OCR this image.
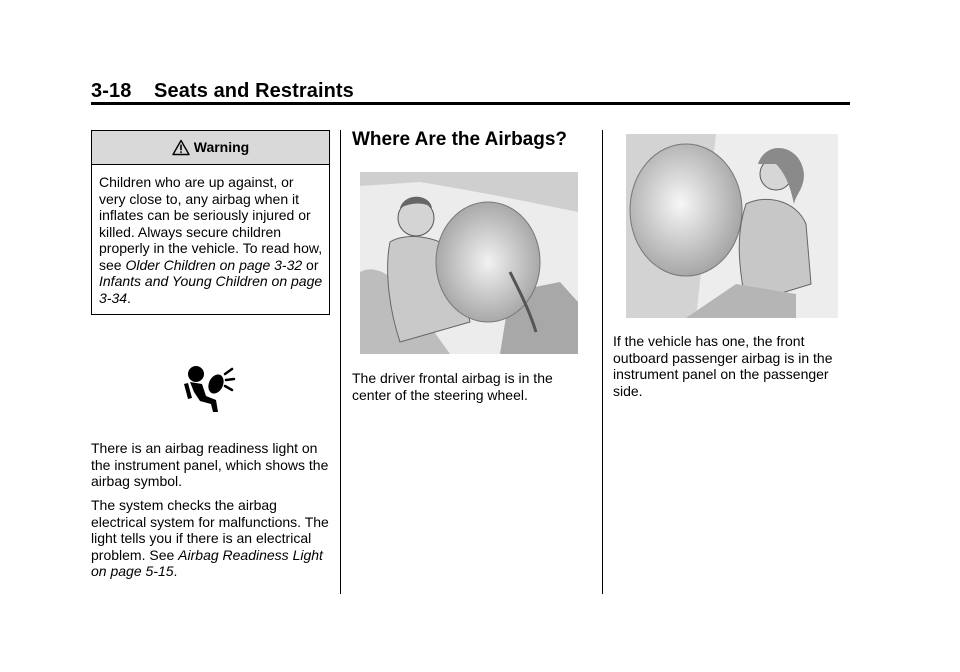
3-18    Seats and Restraints
Warning

Children who are up against, or very close to, any airbag when it inflates can be seriously injured or killed. Always secure children properly in the vehicle. To read how, see Older Children on page 3-32 or Infants and Young Children on page 3-34.

There is an airbag readiness light on the instrument panel, which shows the airbag symbol.

The system checks the airbag electrical system for malfunctions. The light tells you if there is an electrical problem. See Airbag Readiness Light on page 5-15.

Where Are the Airbags?

The driver frontal airbag is in the center of the steering wheel.

If the vehicle has one, the front outboard passenger airbag is in the instrument panel on the passenger side.
